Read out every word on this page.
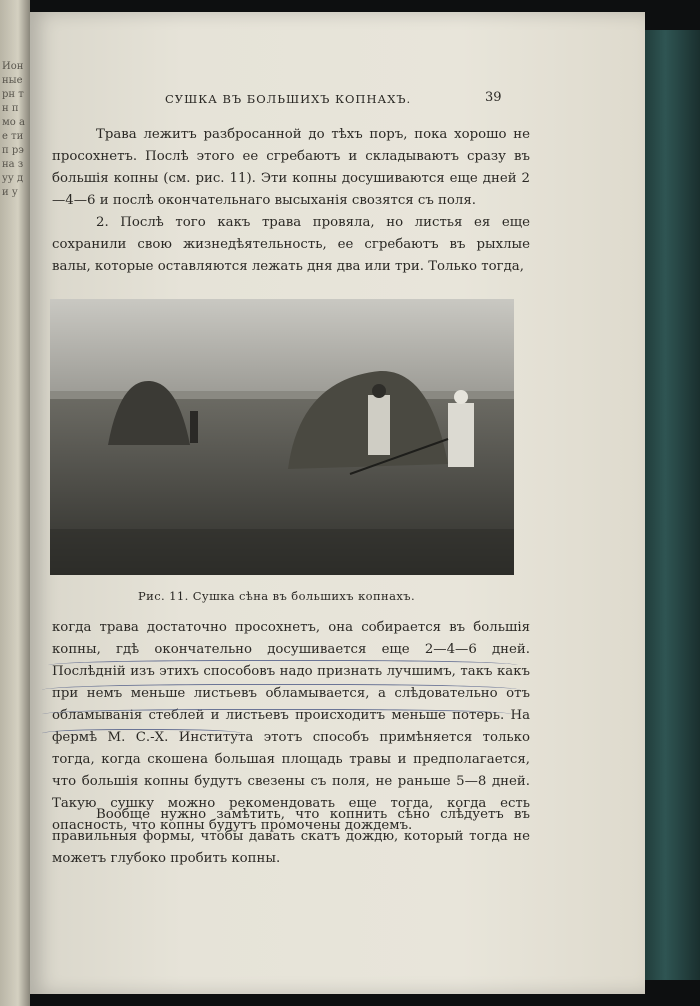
Ионные рн тн пмо ае тип рэна зуу ди у
СУШКА ВЪ БОЛЬШИХЪ КОПНАХЪ.	39
Трава лежитъ разбросанной до тѣхъ поръ, пока хорошо не просохнетъ. Послѣ этого ее сгребаютъ и складываютъ сразу въ большія копны (см. рис. 11). Эти копны досушиваются еще дней 2—4—6 и послѣ окончательнаго высыханія свозятся съ поля.
2. Послѣ того какъ трава провяла, но листья ея еще сохранили свою жизнедѣятельность, ее сгребаютъ въ рыхлые валы, которые оставляются лежать дня два или три. Только тогда,
Рис. 11. Сушка сѣна въ большихъ копнахъ.
когда трава достаточно просохнетъ, она собирается въ большія копны, гдѣ окончательно досушивается еще 2—4—6 дней. Послѣдній изъ этихъ способовъ надо признать лучшимъ, такъ какъ при немъ меньше листьевъ обламывается, а слѣдовательно отъ обламыванія стеблей и листьевъ происходитъ меньше потерь. На фермѣ М. С.-Х. Института этотъ способъ примѣняется только тогда, когда скошена большая площадь травы и предполагается, что большія копны будутъ свезены съ поля, не раньше 5—8 дней. Такую сушку можно рекомендовать еще тогда, когда есть опасность, что копны будутъ промочены дождемъ.
Вообще нужно замѣтить, что копнить сѣно слѣдуетъ въ правильныя формы, чтобы давать скатъ дождю, который тогда не можетъ глубоко пробить копны.
